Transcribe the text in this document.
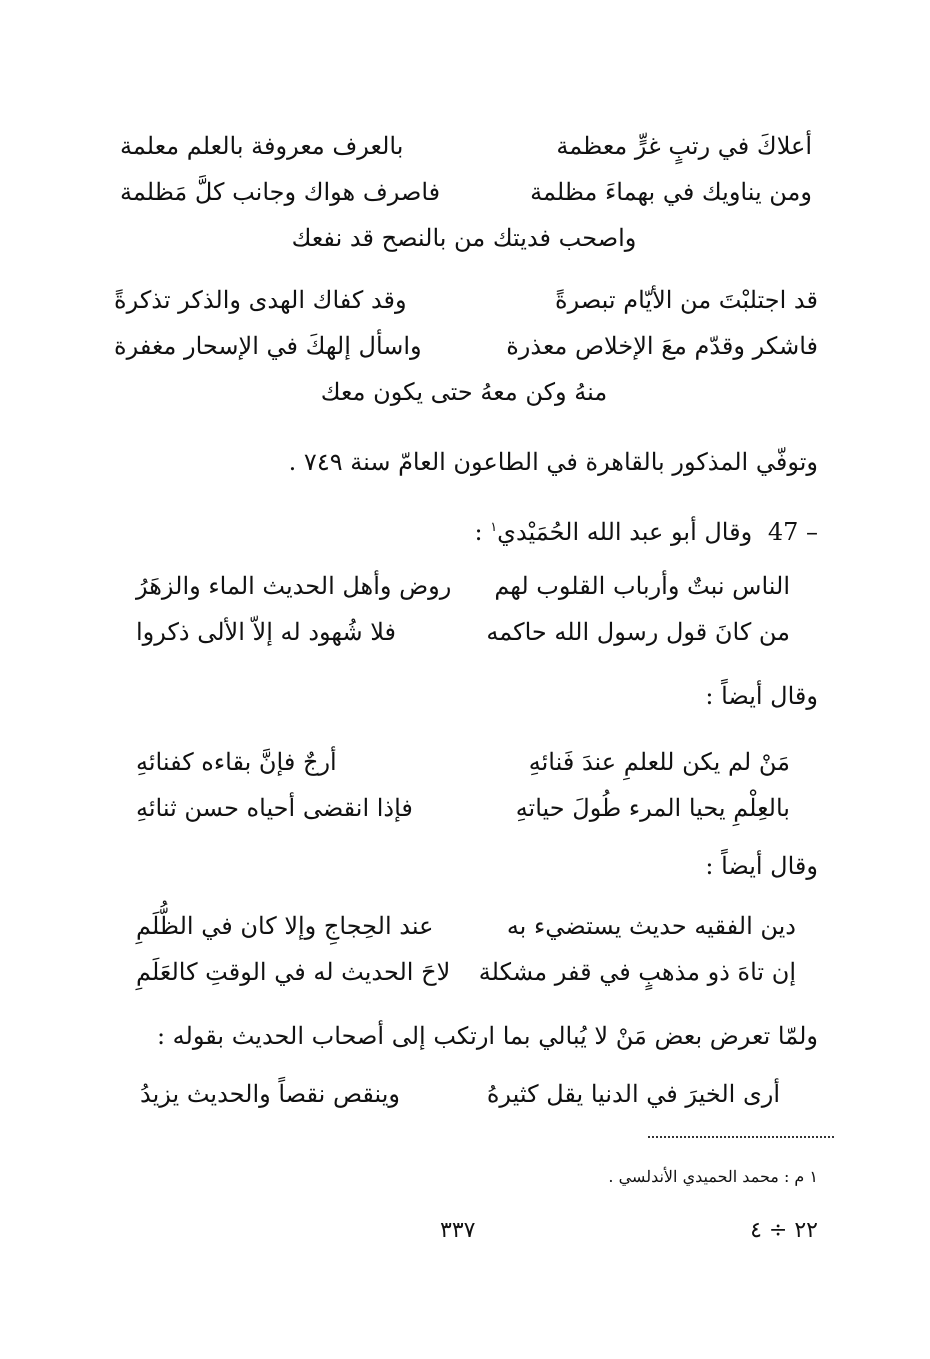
أعلاكَ في رتبٍ غرٍّ معظمة
بالعرف معروفة بالعلم معلمة
ومن يناويك في بهماءَ مظلمة
فاصرف هواك وجانب كلَّ مَظلمة
واصحب فديتك من بالنصح قد نفعك
قد اجتلبْتَ من الأيّام تبصرةً
وقد كفاك الهدى والذكر تذكرةً
فاشكر وقدّم معَ الإخلاص معذرة
واسأل إلهكَ في الإسحار مغفرة
منهُ وكن معهُ حتى يكون معك
وتوفّي المذكور بالقاهرة في الطاعون العامّ سنة ٧٤٩ .
47 – وقال أبو عبد الله الحُمَيْدي$^١$ :
الناس نبتٌ وأرباب القلوب لهم
روض وأهل الحديث الماء والزهَرُ
من كانَ قول رسول الله حاكمه
فلا شُهود له إلاّ الألى ذكروا
وقال أيضاً :
مَنْ لم يكن للعلمِ عندَ فَنائهِ
أرجٌ فإنَّ بقاءه كفنائهِ
بالعِلْمِ يحيا المرء طُولَ حياتهِ
فإذا انقضى أحياه حسن ثنائهِ
وقال أيضاً :
دين الفقيه حديث يستضيء به
عند الحِجاجِ وإلا كان في الظُّلَمِ
إن تاهَ ذو مذهبٍ في قفر مشكلة
لاحَ الحديث له في الوقتِ كالعَلَمِ
ولمّا تعرض بعض مَنْ لا يُبالي بما ارتكب إلى أصحاب الحديث بقوله :
أرى الخيرَ في الدنيا يقل كثيرهُ
وينقص نقصاً والحديث يزيدُ
١ م : محمد الحميدي الأندلسي .
٣٣٧	٢٢ ÷ ٤
